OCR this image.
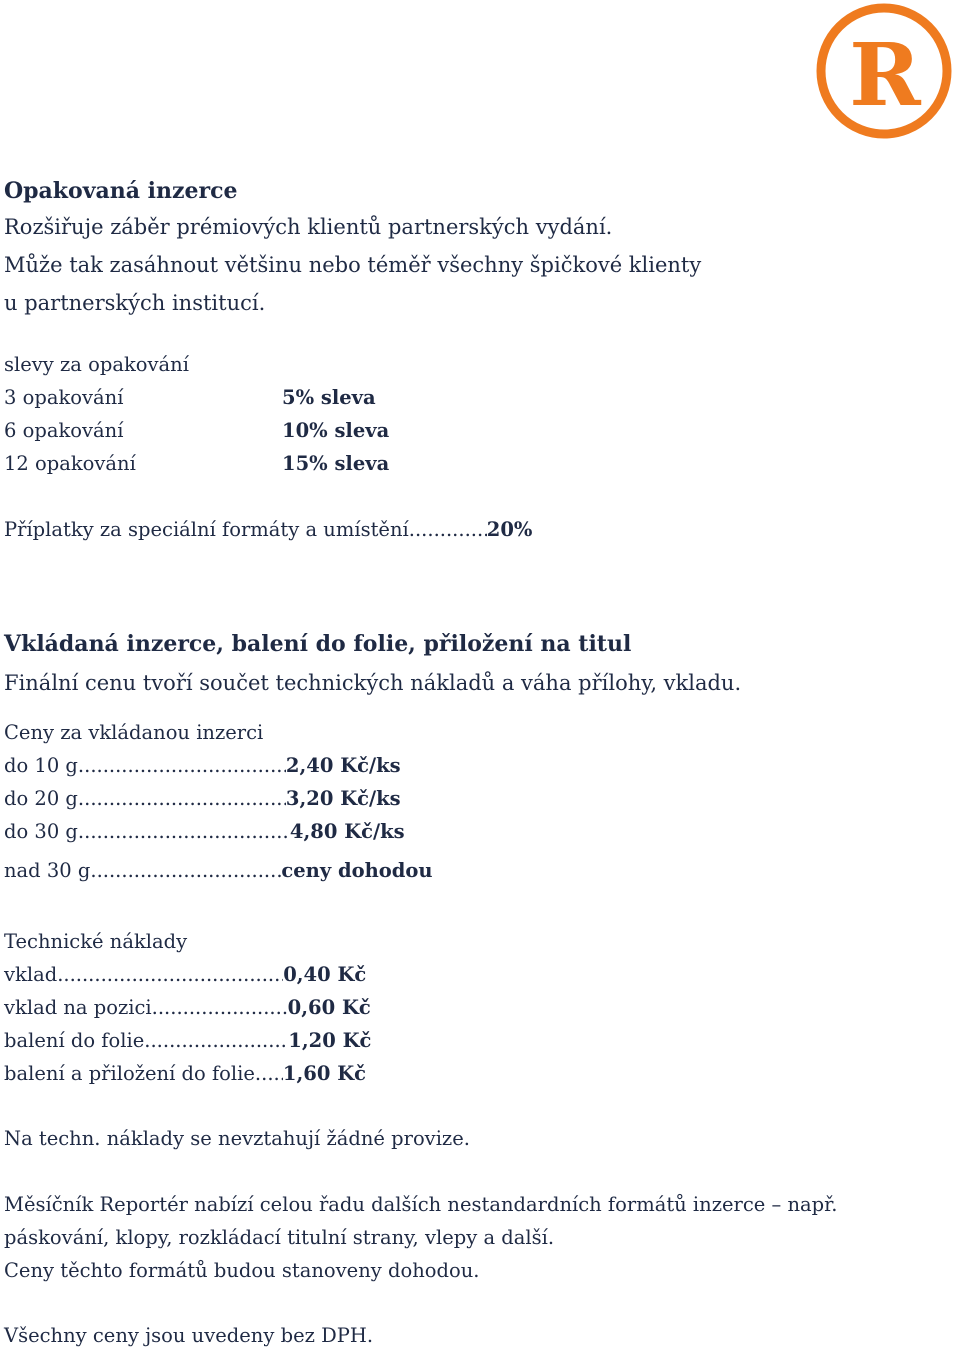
R
Opakovaná inzerce
Rozšiřuje záběr prémiových klientů partnerských vydání.
Může tak zasáhnout většinu nebo téměř všechny špičkové klienty
u partnerských institucí.
slevy za opakování
3 opakování	5% sleva
6 opakování	10% sleva
12 opakování	15% sleva
Příplatky za speciální formáty a umístění .....	20%
Vkládaná inzerce, balení do folie, přiložení na titul
Finální cenu tvoří součet technických nákladů a váha přílohy, vkladu.
Ceny za vkládanou inzerci
do 10 g .....	2,40 Kč/ks
do 20 g .....	3,20 Kč/ks
do 30 g .....	4,80 Kč/ks
nad 30 g .....	ceny dohodou
Technické náklady
vklad .....	0,40 Kč
vklad na pozici .....	0,60 Kč
balení do folie .....	1,20 Kč
balení a přiložení do folie ..... 1,60 Kč
Na techn. náklady se nevztahují žádné provize.
Měsíčník Reportér nabízí celou řadu dalších nestandardních formátů inzerce – např.
páskování, klopy, rozkládací titulní strany, vlepy a další.
Ceny těchto formátů budou stanoveny dohodou.
Všechny ceny jsou uvedeny bez DPH.
